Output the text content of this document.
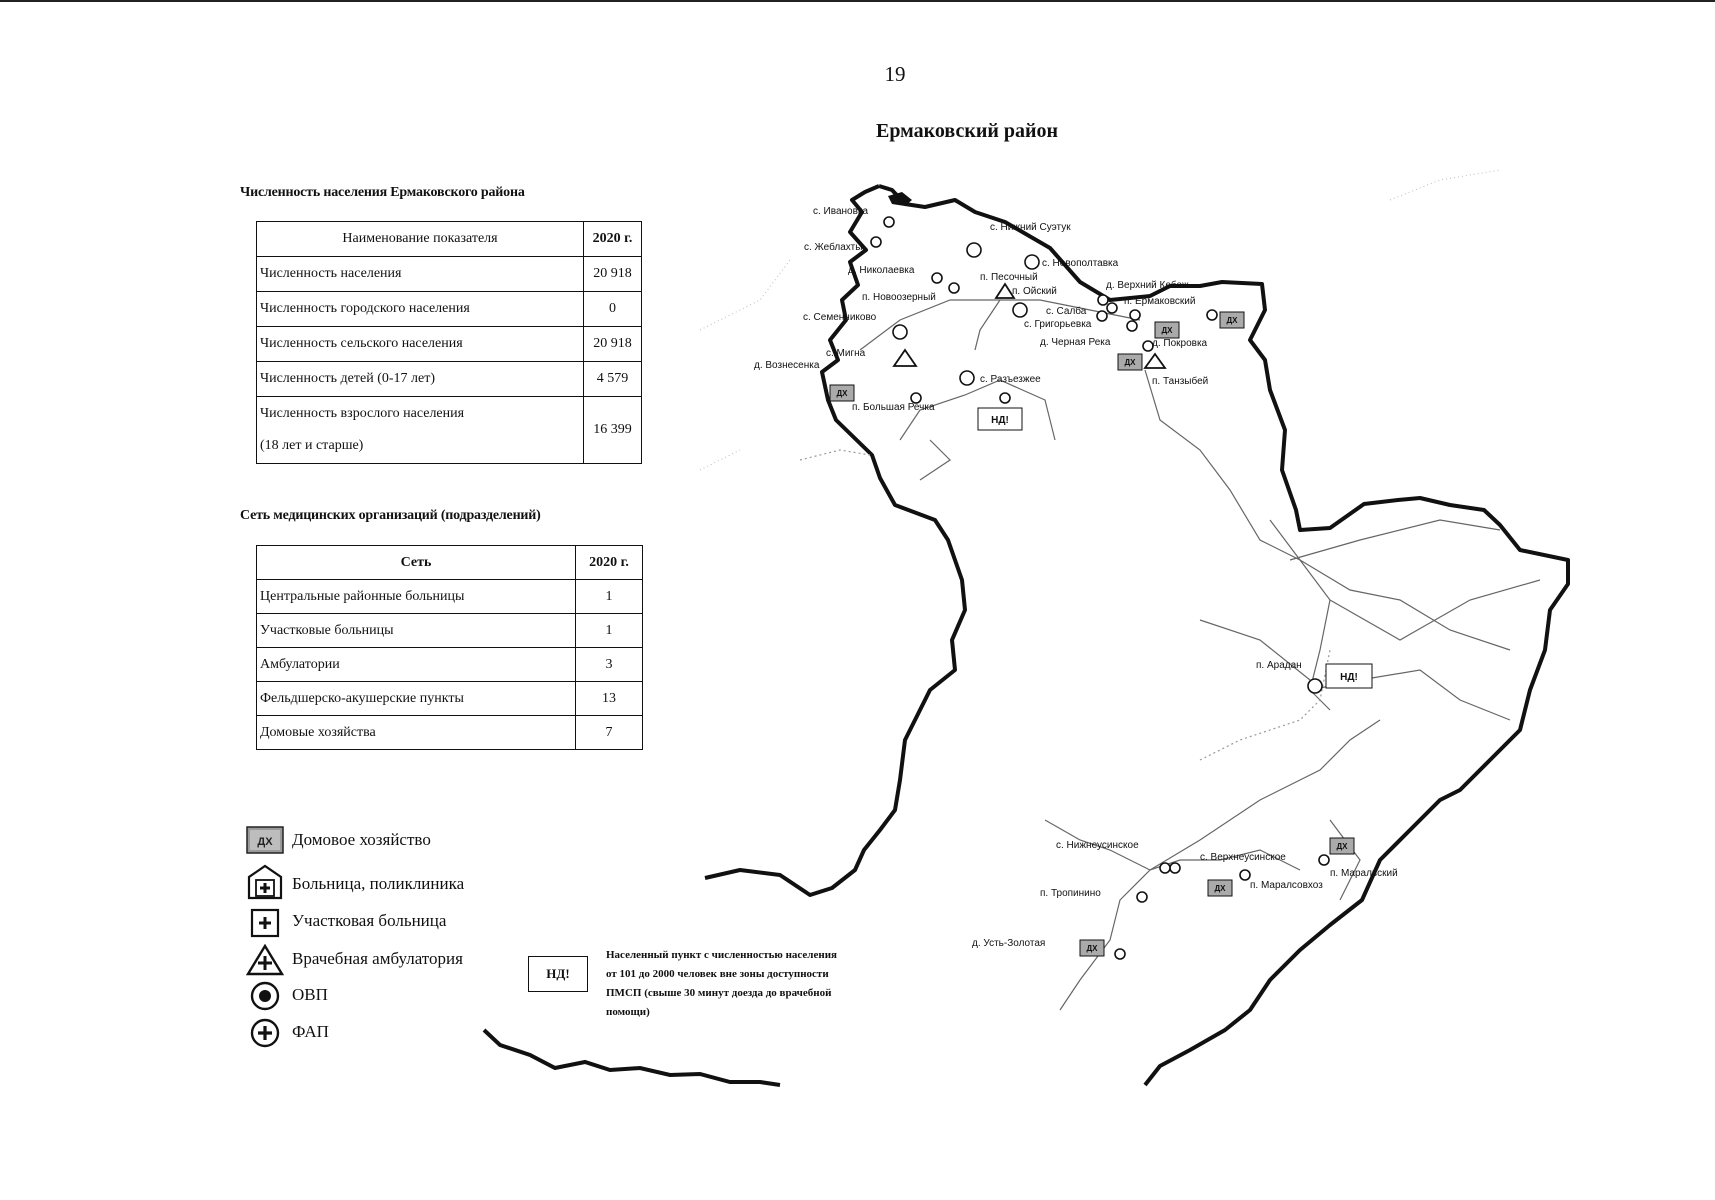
19
Ермаковский район
Численность населения Ермаковского района
Наименование показателя	2020 г.
Численность населения	20 918
Численность городского населения	0
Численность сельского населения	20 918
Численность детей (0-17 лет)	4 579

Численность взрослого населения
(18 лет и старше)	16 399
Сеть медицинских организаций (подразделений)
Сеть	2020 г.
Центральные районные больницы	1
Участковые больницы	1
Амбулатории	3
Фельдшерско-акушерские пункты	13
Домовые хозяйства	7
ДХ Домовое хозяйство
Больница, поликлиника
Участковая больница
Врачебная амбулатория
ОВП
ФАП
НД!
Населенный пункт с численностью населения от 101 до 2000 человек вне зоны доступности ПМСП (свыше 30 минут доезда до врачебной помощи)
ДХ
ДХ
ДХ
ДХ
ДХ
ДХ
ДХ
НД!
НД!
с. Ивановка
с. Жеблахты
д. Николаевка
п. Новоозерный
с. Семенниково
с. Мигна
д. Вознесенка
п. Большая Речка
с. Нижний Суэтук
с. Новополтавка
п. Песочный
п. Ойский
с. Салба
с. Григорьевка
д. Черная Река
с. Разъезжее
д. Верхний Кебеж
п. Ермаковский
д. Покровка
п. Танзыбей
п. Арадан
с. Нижнеусинское
с. Верхнеусинское
п. Тропинино
п. Маральский
п. Маралсовхоз
д. Усть-Золотая
